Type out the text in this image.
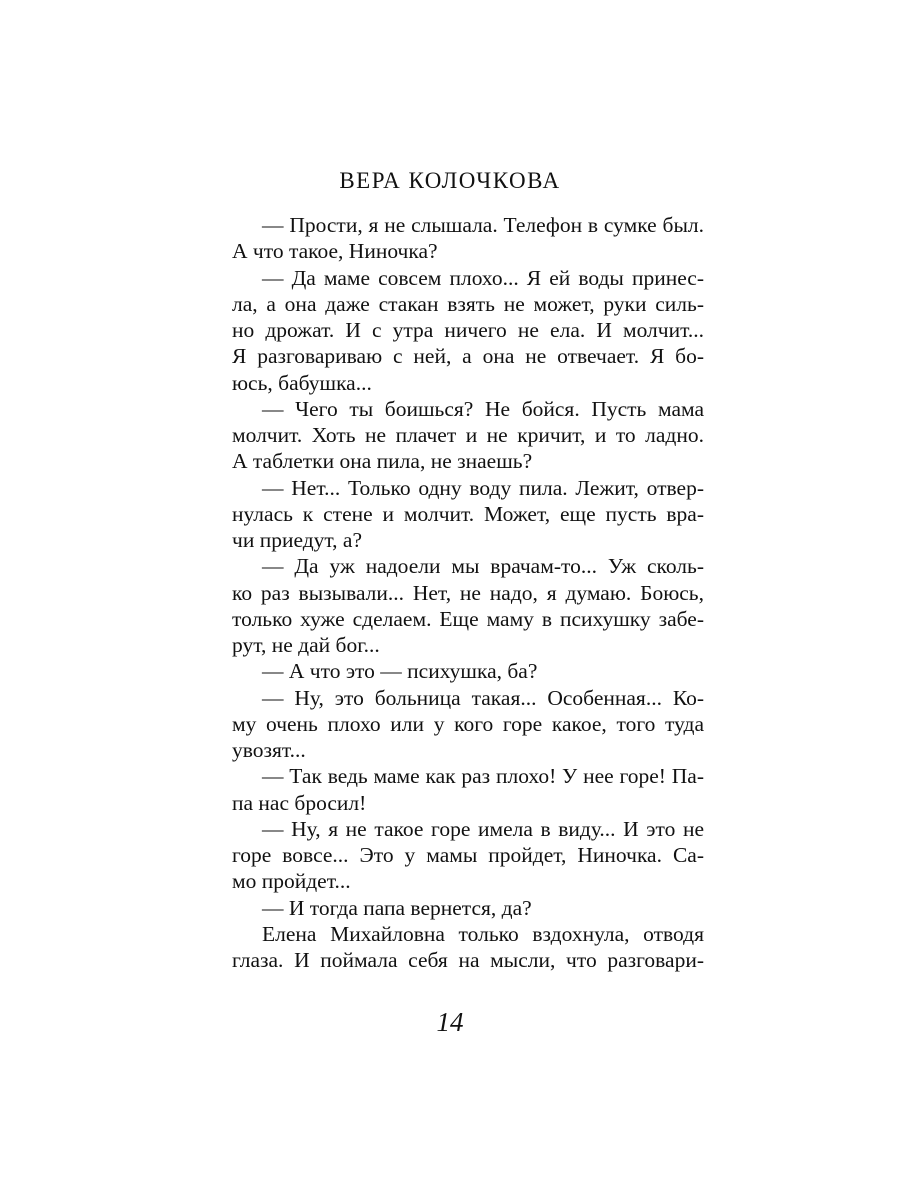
ВЕРА КОЛОЧКОВА
— Прости, я не слышала. Телефон в сумке был.
А что такое, Ниночка?
— Да маме совсем плохо... Я ей воды принес-
ла, а она даже стакан взять не может, руки силь-
но дрожат. И с утра ничего не ела. И молчит...
Я разговариваю с ней, а она не отвечает. Я бо-
юсь, бабушка...
— Чего ты боишься? Не бойся. Пусть мама
молчит. Хоть не плачет и не кричит, и то ладно.
А таблетки она пила, не знаешь?
— Нет... Только одну воду пила. Лежит, отвер-
нулась к стене и молчит. Может, еще пусть вра-
чи приедут, а?
— Да уж надоели мы врачам-то... Уж сколь-
ко раз вызывали... Нет, не надо, я думаю. Боюсь,
только хуже сделаем. Еще маму в психушку забе-
рут, не дай бог...
— А что это — психушка, ба?
— Ну, это больница такая... Особенная... Ко-
му очень плохо или у кого горе какое, того туда
увозят...
— Так ведь маме как раз плохо! У нее горе! Па-
па нас бросил!
— Ну, я не такое горе имела в виду... И это не
горе вовсе... Это у мамы пройдет, Ниночка. Са-
мо пройдет...
— И тогда папа вернется, да?
Елена Михайловна только вздохнула, отводя
глаза. И поймала себя на мысли, что разговари-
14
